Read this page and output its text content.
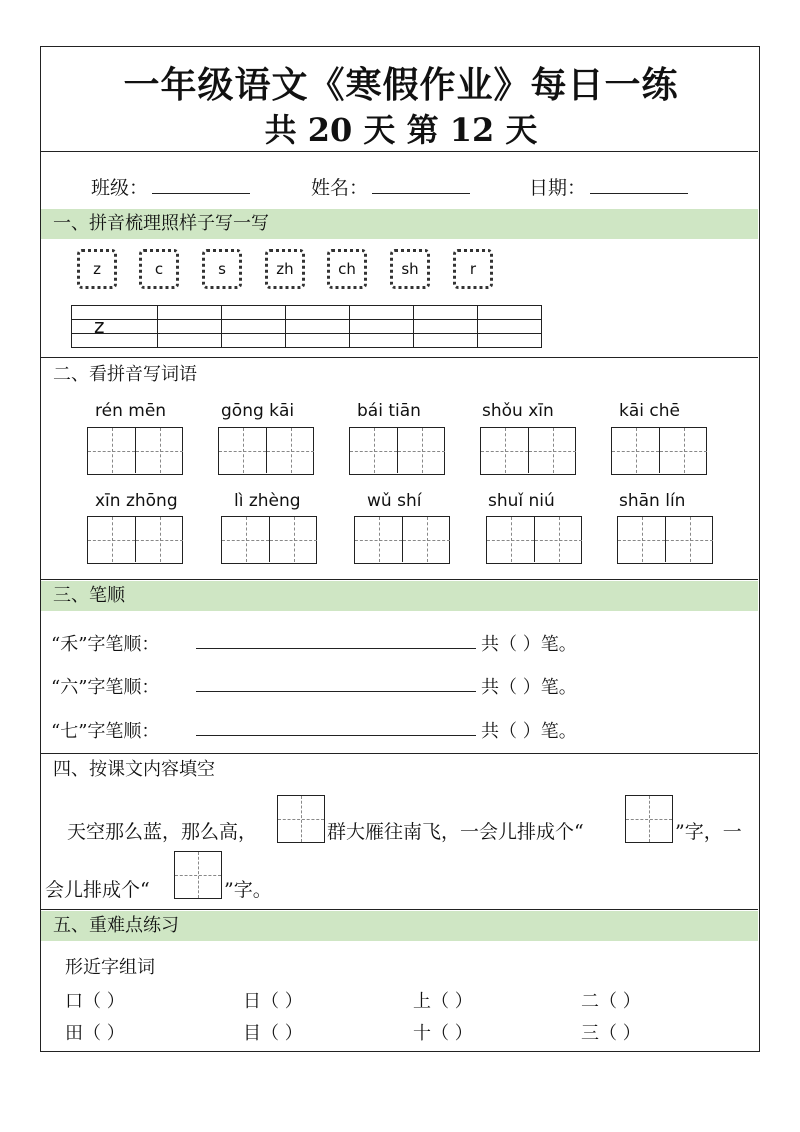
一年级语文《寒假作业》每日一练
共 20 天 第 12 天
班级：	姓名：	日期：
一、拼音梳理照样子写一写
z	c	s	zh	ch	sh	r

z						

二、看拼音写词语
rén mēn	gōng kāi	bái tiān	shǒu xīn	kāi chē
xīn zhōng	lì zhèng	wǔ shí	shuǐ niú	shān lín
三、笔顺
“禾”字笔顺：	共（ ）笔。
“六”字笔顺：	共（ ）笔。
“七”字笔顺：	共（ ）笔。
四、按课文内容填空
天空那么蓝，那么高，	群大雁往南飞，一会儿排成个“	”字，一
会儿排成个“	”字。
五、重难点练习
形近字组词
口（ ）	日（ ）	上（ ）	二（ ）
田（ ）	目（ ）	十（ ）	三（ ）
